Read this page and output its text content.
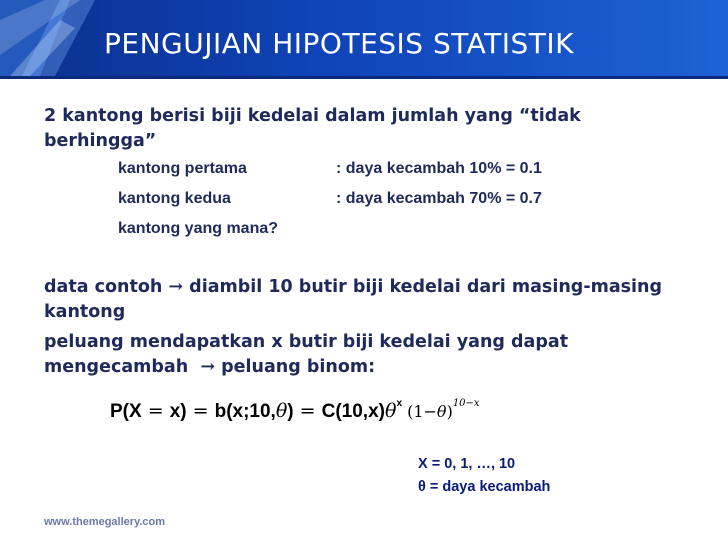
PENGUJIAN HIPOTESIS STATISTIK

2 kantong berisi biji kedelai dalam jumlah yang “tidak berhingga”

kantong pertama	: daya kecambah 10% = 0.1

kantong kedua	: daya kecambah 70% = 0.7

kantong yang mana?

data contoh → diambil 10 butir biji kedelai dari masing-masing kantong

peluang mendapatkan x butir biji kedelai yang dapat mengecambah → peluang binom:

P(X = x) = b(x;10,θ) = $C(10,x)\theta^x$ $(1-\theta)^{10-x}$

X = 0, 1, …, 10

θ = daya kecambah

www.themegallery.com
